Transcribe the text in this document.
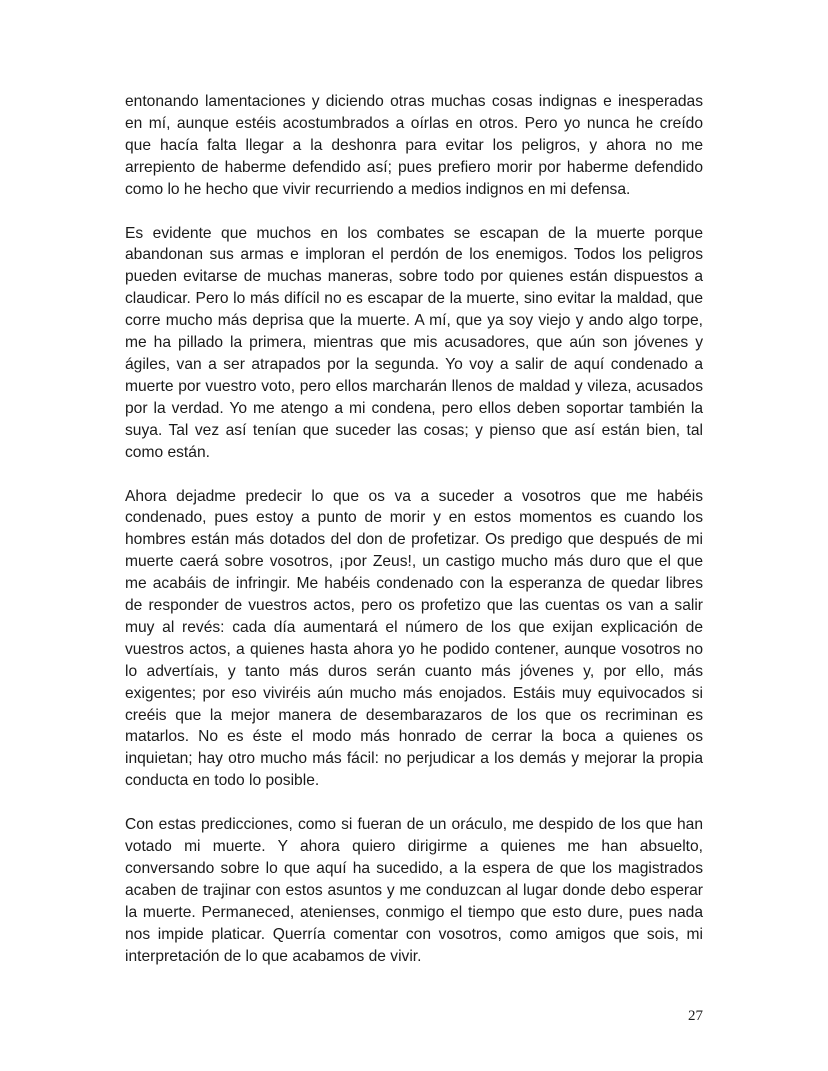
entonando lamentaciones y diciendo otras muchas cosas indignas e inesperadas en mí, aunque estéis acostumbrados a oírlas en otros. Pero yo nunca he creído que hacía falta llegar a la deshonra para evitar los peligros, y ahora no me arrepiento de haberme defendido así; pues prefiero morir por haberme defendido como lo he hecho que vivir recurriendo a medios indignos en mi defensa.

Es evidente que muchos en los combates se escapan de la muerte porque abandonan sus armas e imploran el perdón de los enemigos. Todos los peligros pueden evitarse de muchas maneras, sobre todo por quienes están dispuestos a claudicar. Pero lo más difícil no es escapar de la muerte, sino evitar la maldad, que corre mucho más deprisa que la muerte. A mí, que ya soy viejo y ando algo torpe, me ha pillado la primera, mientras que mis acusadores, que aún son jóvenes y ágiles, van a ser atrapados por la segunda. Yo voy a salir de aquí condenado a muerte por vuestro voto, pero ellos marcharán llenos de maldad y vileza, acusados por la verdad. Yo me atengo a mi condena, pero ellos deben soportar también la suya. Tal vez así tenían que suceder las cosas; y pienso que así están bien, tal como están.

Ahora dejadme predecir lo que os va a suceder a vosotros que me habéis condenado, pues estoy a punto de morir y en estos momentos es cuando los hombres están más dotados del don de profetizar. Os predigo que después de mi muerte caerá sobre vosotros, ¡por Zeus!, un castigo mucho más duro que el que me acabáis de infringir. Me habéis condenado con la esperanza de quedar libres de responder de vuestros actos, pero os profetizo que las cuentas os van a salir muy al revés: cada día aumentará el número de los que exijan explicación de vuestros actos, a quienes hasta ahora yo he podido contener, aunque vosotros no lo advertíais, y tanto más duros serán cuanto más jóvenes y, por ello, más exigentes; por eso viviréis aún mucho más enojados. Estáis muy equivocados si creéis que la mejor manera de desembarazaros de los que os recriminan es matarlos. No es éste el modo más honrado de cerrar la boca a quienes os inquietan; hay otro mucho más fácil: no perjudicar a los demás y mejorar la propia conducta en todo lo posible.

Con estas predicciones, como si fueran de un oráculo, me despido de los que han votado mi muerte. Y ahora quiero dirigirme a quienes me han absuelto, conversando sobre lo que aquí ha sucedido, a la espera de que los magistrados acaben de trajinar con estos asuntos y me conduzcan al lugar donde debo esperar la muerte. Permaneced, atenienses, conmigo el tiempo que esto dure, pues nada nos impide platicar. Querría comentar con vosotros, como amigos que sois, mi interpretación de lo que acabamos de vivir.

27
